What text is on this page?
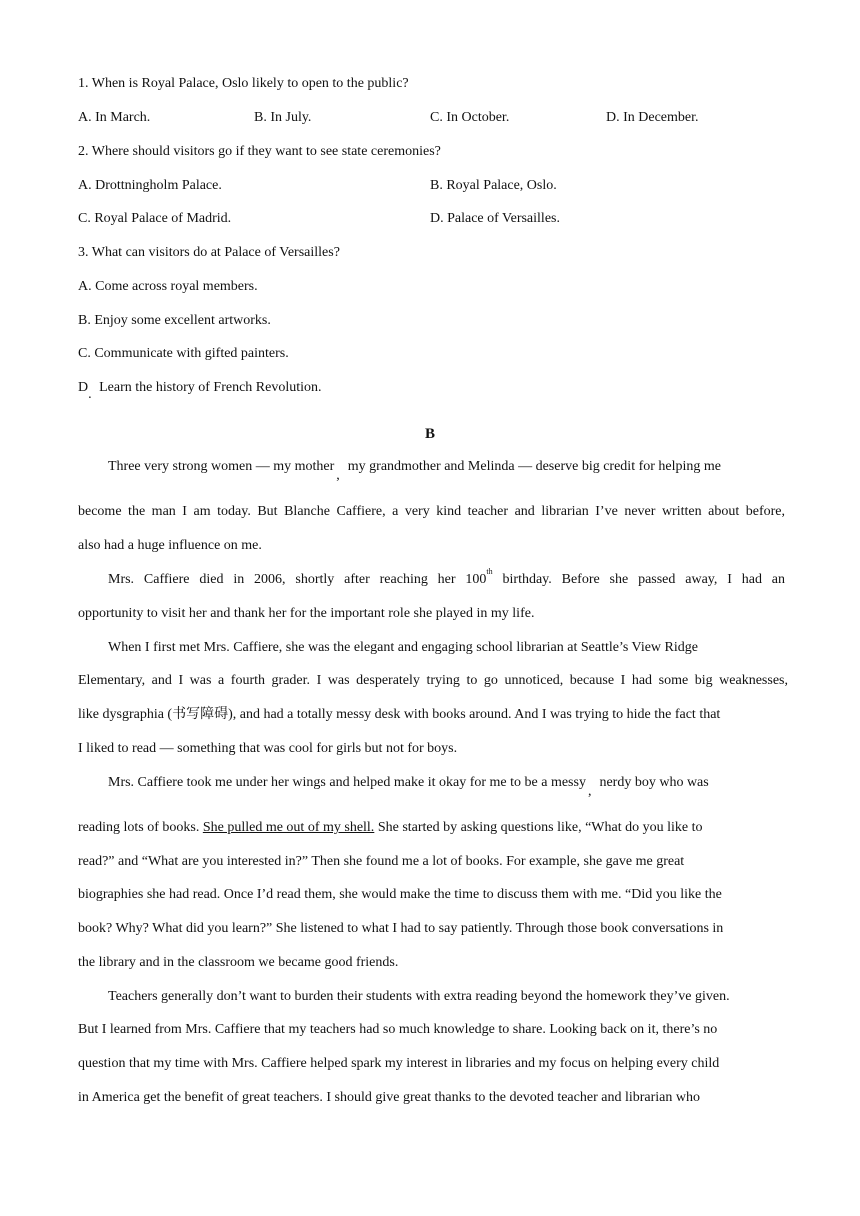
1. When is Royal Palace, Oslo likely to open to the public?
A. In March.	B. In July.	C. In October.	D. In December.
2. Where should visitors go if they want to see state ceremonies?
A. Drottningholm Palace.	B. Royal Palace, Oslo.
C. Royal Palace of Madrid.	D. Palace of Versailles.
3. What can visitors do at Palace of Versailles?
A. Come across royal members.
B. Enjoy some excellent artworks.
C. Communicate with gifted painters.
D. Learn the history of French Revolution.
B
Three very strong women — my mother,my grandmother and Melinda — deserve big credit for helping me
become the man I am today. But Blanche Caffiere, a very kind teacher and librarian I’ve never written about before,
also had a huge influence on me.
Mrs. Caffiere died in 2006, shortly after reaching her 100th birthday. Before she passed away, I had an
opportunity to visit her and thank her for the important role she played in my life.
When I first met Mrs. Caffiere, she was the elegant and engaging school librarian at Seattle’s View Ridge
Elementary, and I was a fourth grader. I was desperately trying to go unnoticed, because I had some big weaknesses,
like dysgraphia (书写障碍), and had a totally messy desk with books around. And I was trying to hide the fact that
I liked to read — something that was cool for girls but not for boys.
Mrs. Caffiere took me under her wings and helped make it okay for me to be a messy,nerdy boy who was
reading lots of books. She pulled me out of my shell. She started by asking questions like, “What do you like to
read?” and “What are you interested in?” Then she found me a lot of books. For example, she gave me great
biographies she had read. Once I’d read them, she would make the time to discuss them with me. “Did you like the
book? Why? What did you learn?” She listened to what I had to say patiently. Through those book conversations in
the library and in the classroom we became good friends.
Teachers generally don’t want to burden their students with extra reading beyond the homework they’ve given.
But I learned from Mrs. Caffiere that my teachers had so much knowledge to share. Looking back on it, there’s no
question that my time with Mrs. Caffiere helped spark my interest in libraries and my focus on helping every child
in America get the benefit of great teachers. I should give great thanks to the devoted teacher and librarian who
